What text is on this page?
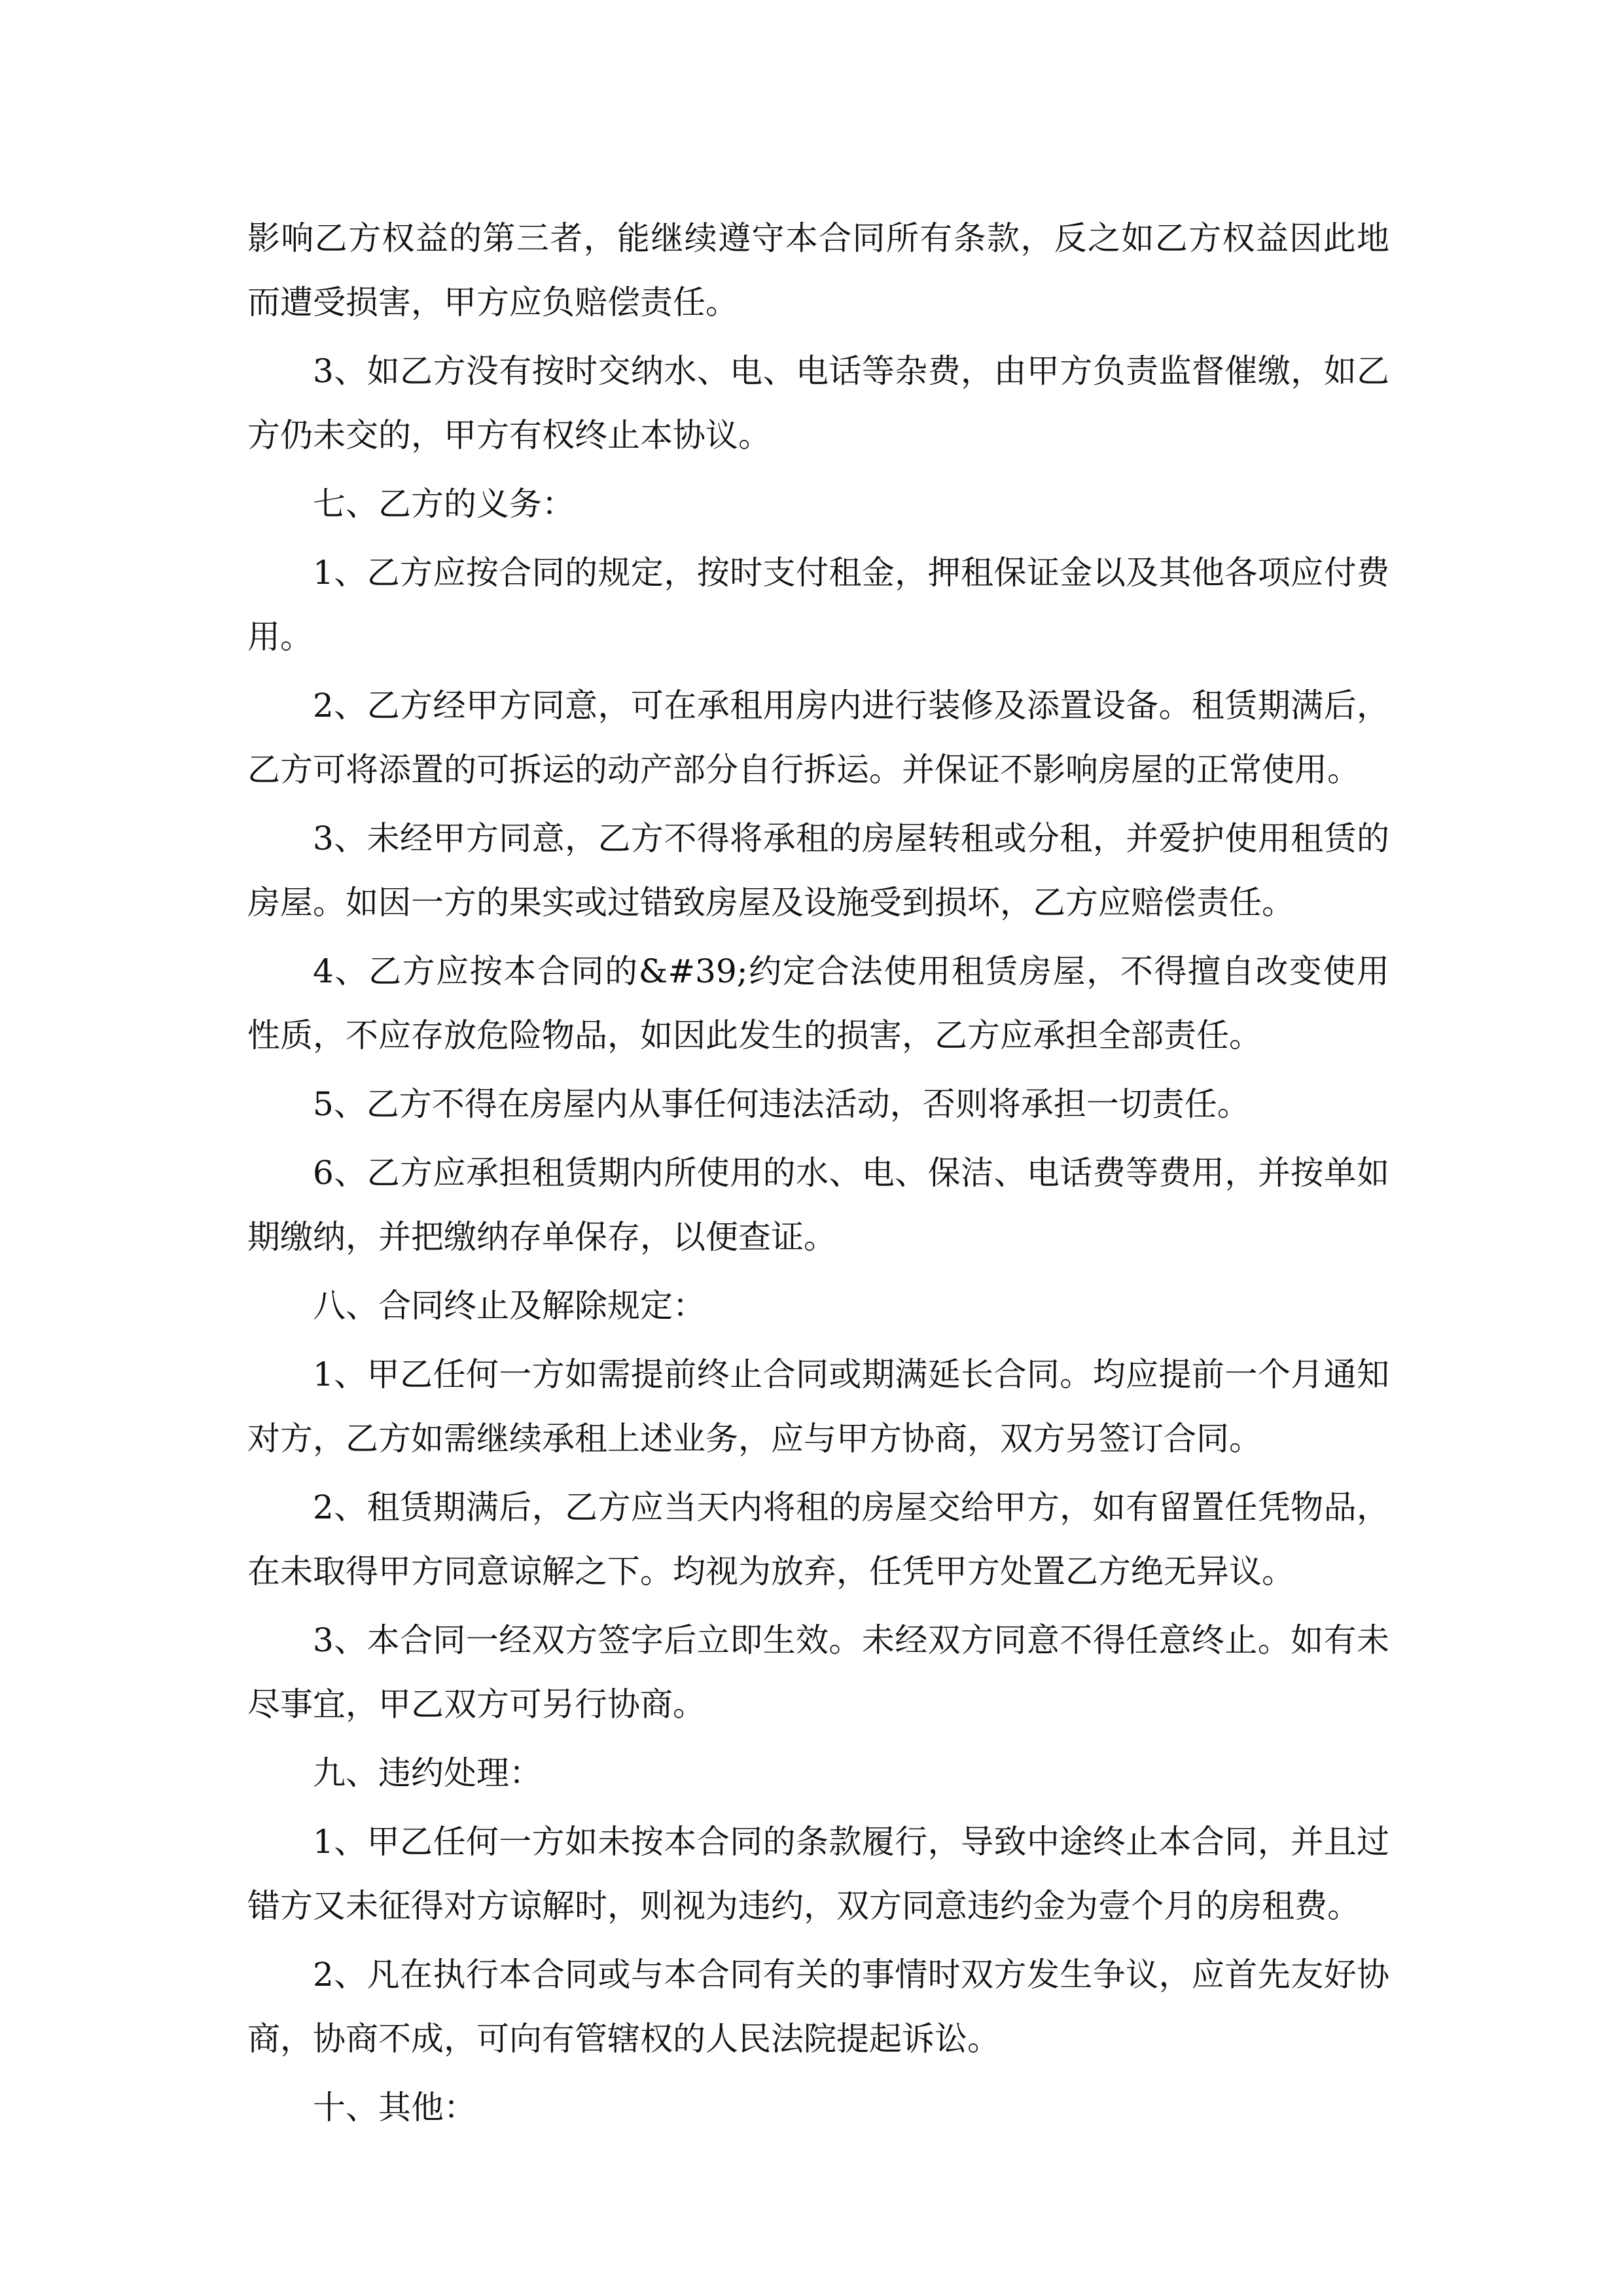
影响乙方权益的第三者，能继续遵守本合同所有条款，反之如乙方权益因此地而遭受损害，甲方应负赔偿责任。

3、如乙方没有按时交纳水、电、电话等杂费，由甲方负责监督催缴，如乙方仍未交的，甲方有权终止本协议。

七、乙方的义务：

1、乙方应按合同的规定，按时支付租金，押租保证金以及其他各项应付费用。

2、乙方经甲方同意，可在承租用房内进行装修及添置设备。租赁期满后，乙方可将添置的可拆运的动产部分自行拆运。并保证不影响房屋的正常使用。

3、未经甲方同意，乙方不得将承租的房屋转租或分租，并爱护使用租赁的房屋。如因一方的果实或过错致房屋及设施受到损坏，乙方应赔偿责任。

4、乙方应按本合同的&#39;约定合法使用租赁房屋，不得擅自改变使用性质，不应存放危险物品，如因此发生的损害，乙方应承担全部责任。

5、乙方不得在房屋内从事任何违法活动，否则将承担一切责任。

6、乙方应承担租赁期内所使用的水、电、保洁、电话费等费用，并按单如期缴纳，并把缴纳存单保存，以便查证。

八、合同终止及解除规定：

1、甲乙任何一方如需提前终止合同或期满延长合同。均应提前一个月通知对方，乙方如需继续承租上述业务，应与甲方协商，双方另签订合同。

2、租赁期满后，乙方应当天内将租的房屋交给甲方，如有留置任凭物品，在未取得甲方同意谅解之下。均视为放弃，任凭甲方处置乙方绝无异议。

3、本合同一经双方签字后立即生效。未经双方同意不得任意终止。如有未尽事宜，甲乙双方可另行协商。

九、违约处理：

1、甲乙任何一方如未按本合同的条款履行，导致中途终止本合同，并且过错方又未征得对方谅解时，则视为违约，双方同意违约金为壹个月的房租费。

2、凡在执行本合同或与本合同有关的事情时双方发生争议，应首先友好协商，协商不成，可向有管辖权的人民法院提起诉讼。

十、其他：
